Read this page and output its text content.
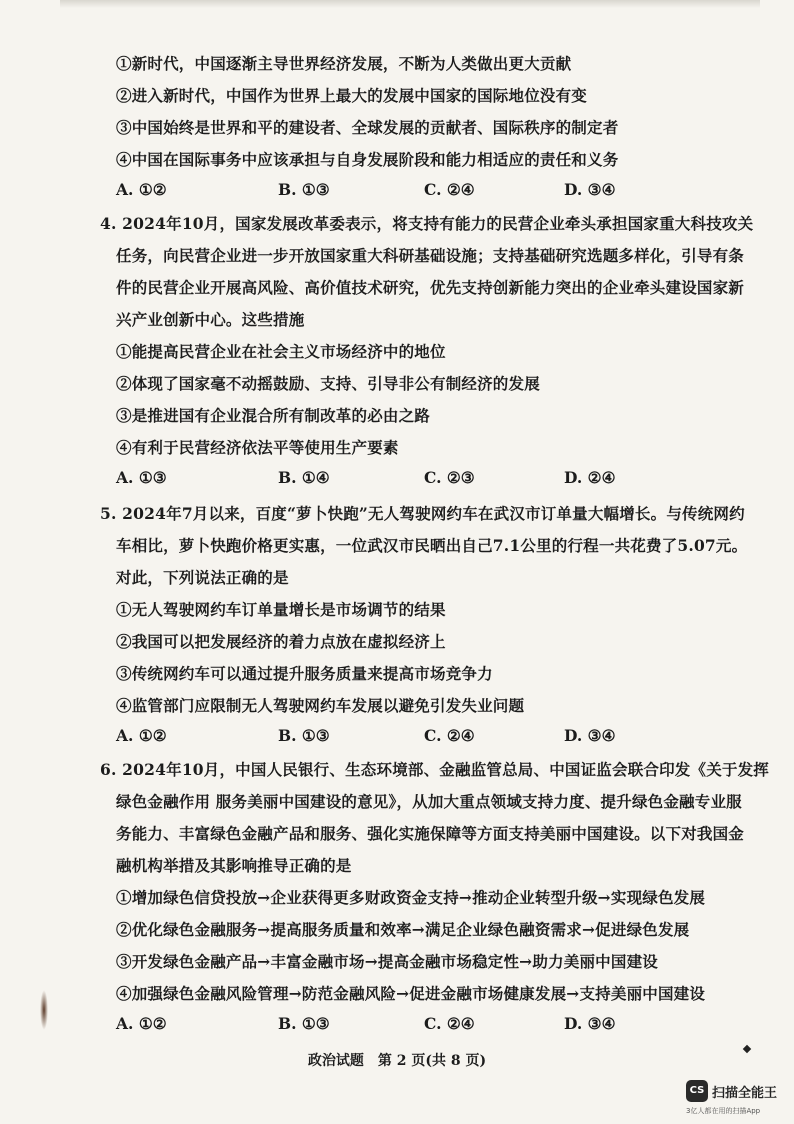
①新时代，中国逐渐主导世界经济发展，不断为人类做出更大贡献
②进入新时代，中国作为世界上最大的发展中国家的国际地位没有变
③中国始终是世界和平的建设者、全球发展的贡献者、国际秩序的制定者
④中国在国际事务中应该承担与自身发展阶段和能力相适应的责任和义务
A. ①②	B. ①③	C. ②④	D. ③④
4. 2024年10月，国家发展改革委表示，将支持有能力的民营企业牵头承担国家重大科技攻关
任务，向民营企业进一步开放国家重大科研基础设施；支持基础研究选题多样化，引导有条
件的民营企业开展高风险、高价值技术研究，优先支持创新能力突出的企业牵头建设国家新
兴产业创新中心。这些措施
①能提高民营企业在社会主义市场经济中的地位
②体现了国家毫不动摇鼓励、支持、引导非公有制经济的发展
③是推进国有企业混合所有制改革的必由之路
④有利于民营经济依法平等使用生产要素
A. ①③	B. ①④	C. ②③	D. ②④
5. 2024年7月以来，百度“萝卜快跑”无人驾驶网约车在武汉市订单量大幅增长。与传统网约
车相比，萝卜快跑价格更实惠，一位武汉市民晒出自己7.1公里的行程一共花费了5.07元。
对此，下列说法正确的是
①无人驾驶网约车订单量增长是市场调节的结果
②我国可以把发展经济的着力点放在虚拟经济上
③传统网约车可以通过提升服务质量来提高市场竞争力
④监管部门应限制无人驾驶网约车发展以避免引发失业问题
A. ①②	B. ①③	C. ②④	D. ③④
6. 2024年10月，中国人民银行、生态环境部、金融监管总局、中国证监会联合印发《关于发挥
绿色金融作用 服务美丽中国建设的意见》，从加大重点领域支持力度、提升绿色金融专业服
务能力、丰富绿色金融产品和服务、强化实施保障等方面支持美丽中国建设。以下对我国金
融机构举措及其影响推导正确的是
①增加绿色信贷投放→企业获得更多财政资金支持→推动企业转型升级→实现绿色发展
②优化绿色金融服务→提高服务质量和效率→满足企业绿色融资需求→促进绿色发展
③开发绿色金融产品→丰富金融市场→提高金融市场稳定性→助力美丽中国建设
④加强绿色金融风险管理→防范金融风险→促进金融市场健康发展→支持美丽中国建设
A. ①②	B. ①③	C. ②④	D. ③④
政治试题　第 2 页(共 8 页)
CS 扫描全能王
3亿人都在用的扫描App
